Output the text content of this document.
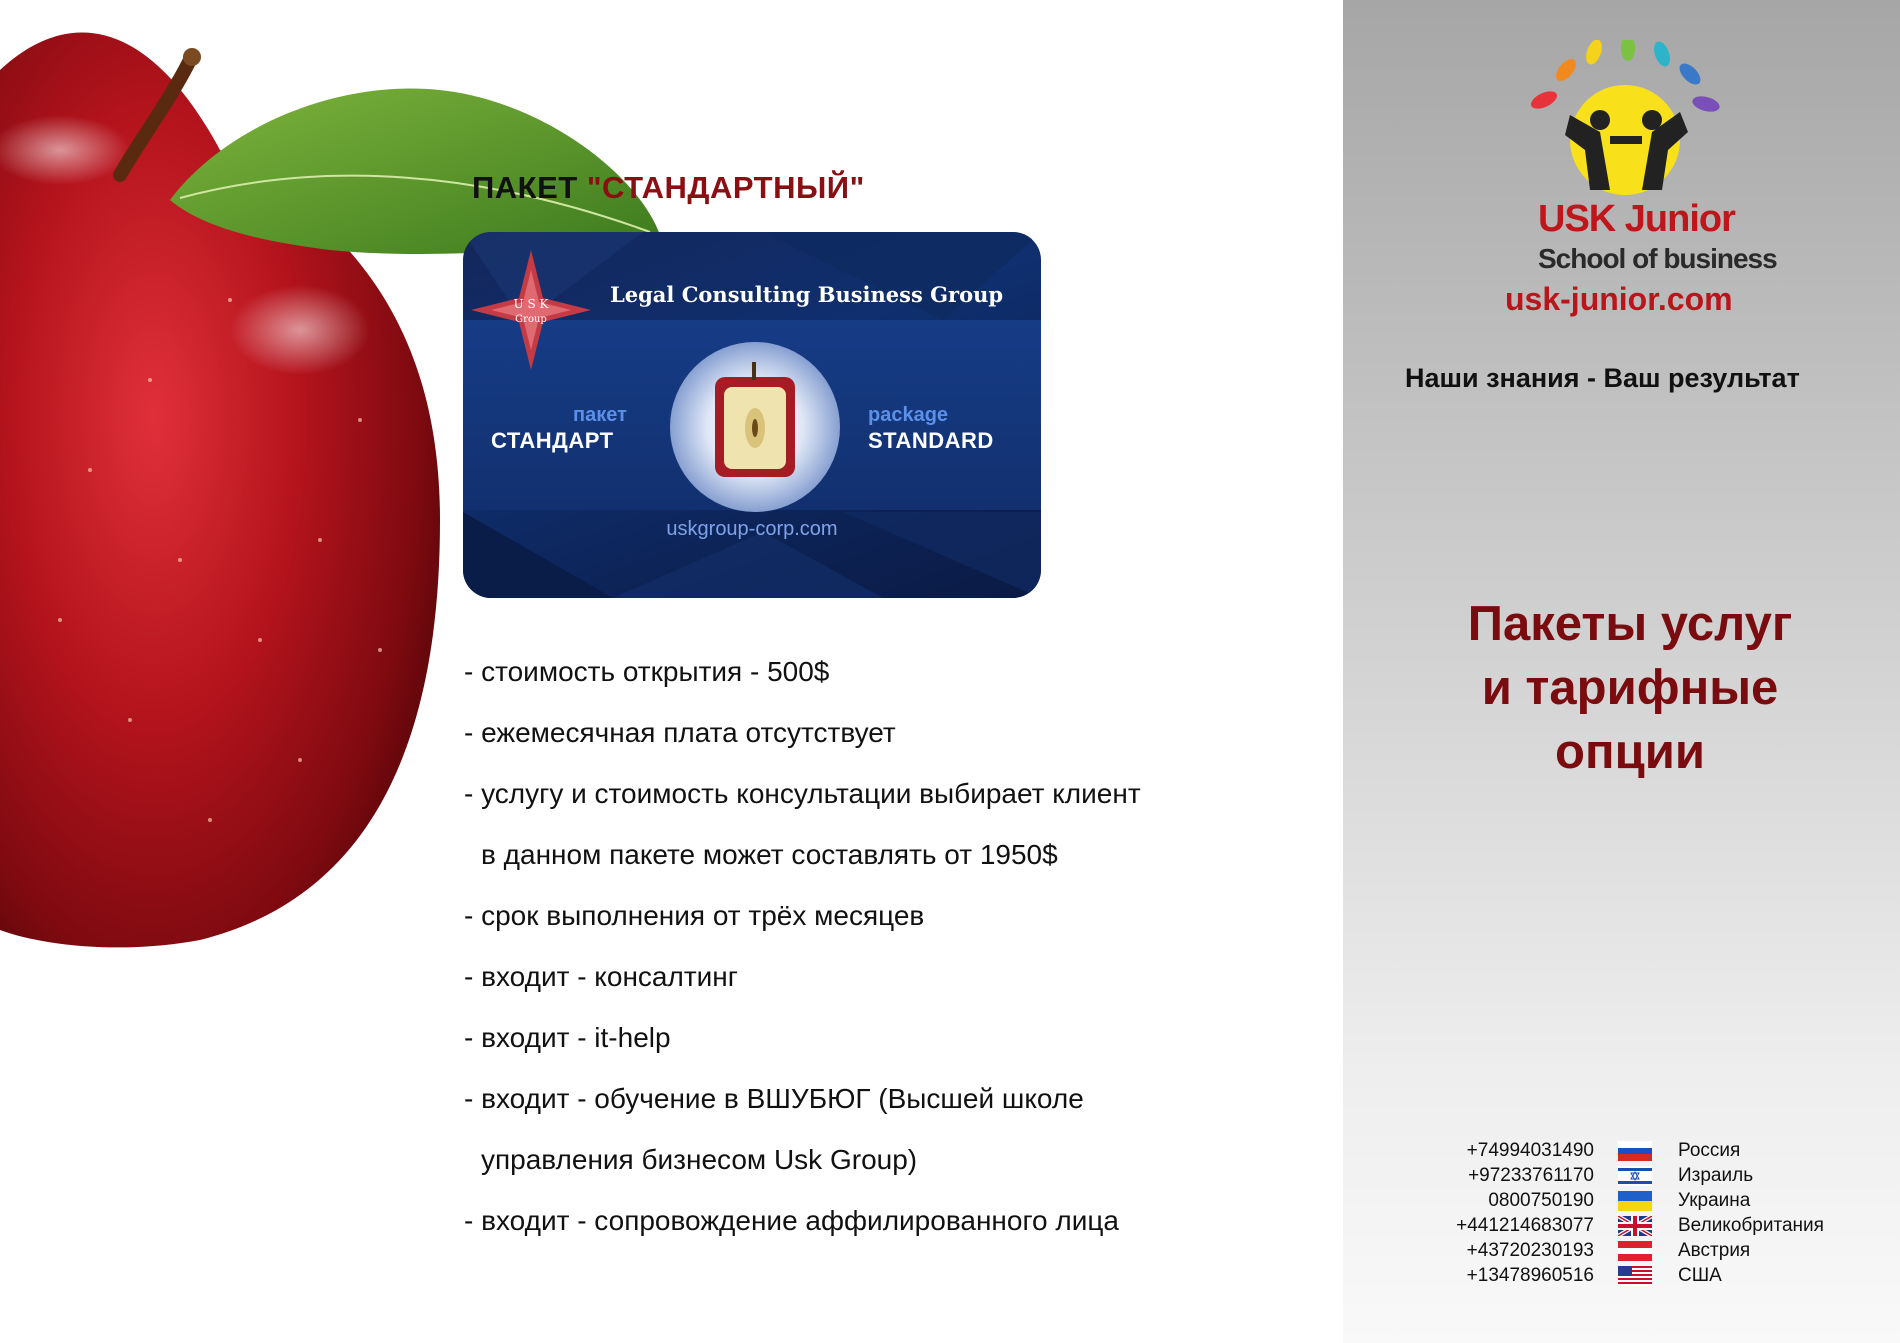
ПАКЕТ "СТАНДАРТНЫЙ"
U S K
Group
Legal Consulting Business Group
пакет
СТАНДАРТ
package
STANDARD
uskgroup-corp.com
- стоимость открытия - 500$
- ежемесячная плата отсутствует
- услугу и стоимость консультации выбирает клиент
в данном пакете может составлять от 1950$
- срок выполнения от трёх месяцев
- входит - консалтинг
- входит - it-help
- входит - обучение в ВШУБЮГ (Высшей школе
управления бизнесом Usk Group)
- входит - сопровождение аффилированного лица
USK Junior
School of business
usk-junior.com
Наши знания - Ваш результат
Пакеты услуг
и тарифные
опции
+74994031490	Россия
+97233761170	Израиль
0800750190	Украина
+441214683077	Великобритания
+43720230193	Австрия
+13478960516	США
